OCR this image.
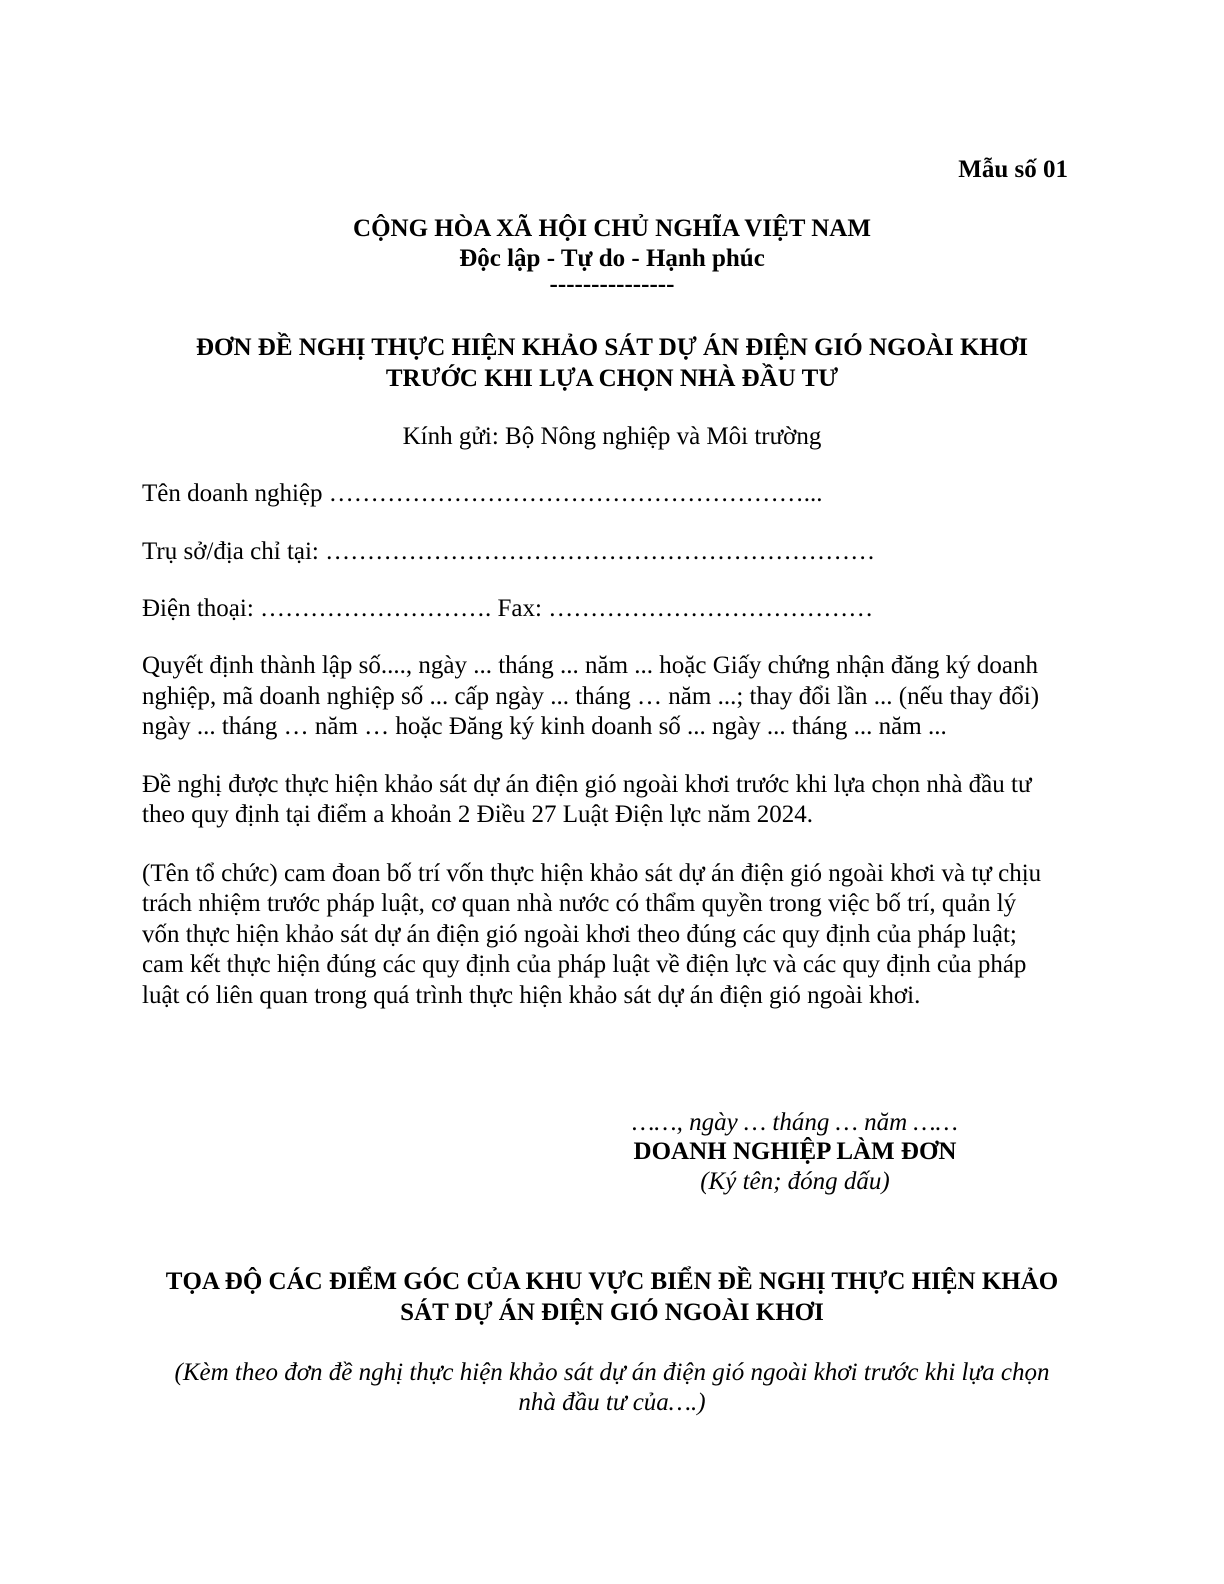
Mẫu số 01

CỘNG HÒA XÃ HỘI CHỦ NGHĨA VIỆT NAM

Độc lập - Tự do - Hạnh phúc

---------------

ĐƠN ĐỀ NGHỊ THỰC HIỆN KHẢO SÁT DỰ ÁN ĐIỆN GIÓ NGOÀI KHƠI

TRƯỚC KHI LỰA CHỌN NHÀ ĐẦU TƯ

Kính gửi: Bộ Nông nghiệp và Môi trường

Tên doanh nghiệp …………………………………………………...

Trụ sở/địa chỉ tại: …………………………………………………………

Điện thoại: ………………………. Fax: …………………………………

Quyết định thành lập số...., ngày ... tháng ... năm ... hoặc Giấy chứng nhận đăng ký doanh

nghiệp, mã doanh nghiệp số ... cấp ngày ... tháng … năm ...; thay đổi lần ... (nếu thay đổi)

ngày ... tháng … năm … hoặc Đăng ký kinh doanh số ... ngày ... tháng ... năm ...

Đề nghị được thực hiện khảo sát dự án điện gió ngoài khơi trước khi lựa chọn nhà đầu tư

theo quy định tại điểm a khoản 2 Điều 27 Luật Điện lực năm 2024.

(Tên tổ chức) cam đoan bố trí vốn thực hiện khảo sát dự án điện gió ngoài khơi và tự chịu

trách nhiệm trước pháp luật, cơ quan nhà nước có thẩm quyền trong việc bố trí, quản lý

vốn thực hiện khảo sát dự án điện gió ngoài khơi theo đúng các quy định của pháp luật;

cam kết thực hiện đúng các quy định của pháp luật về điện lực và các quy định của pháp

luật có liên quan trong quá trình thực hiện khảo sát dự án điện gió ngoài khơi.

……, ngày … tháng … năm ……

DOANH NGHIỆP LÀM ĐƠN

(Ký tên; đóng dấu)

TỌA ĐỘ CÁC ĐIỂM GÓC CỦA KHU VỰC BIỂN ĐỀ NGHỊ THỰC HIỆN KHẢO

SÁT DỰ ÁN ĐIỆN GIÓ NGOÀI KHƠI

(Kèm theo đơn đề nghị thực hiện khảo sát dự án điện gió ngoài khơi trước khi lựa chọn

nhà đầu tư của….)
